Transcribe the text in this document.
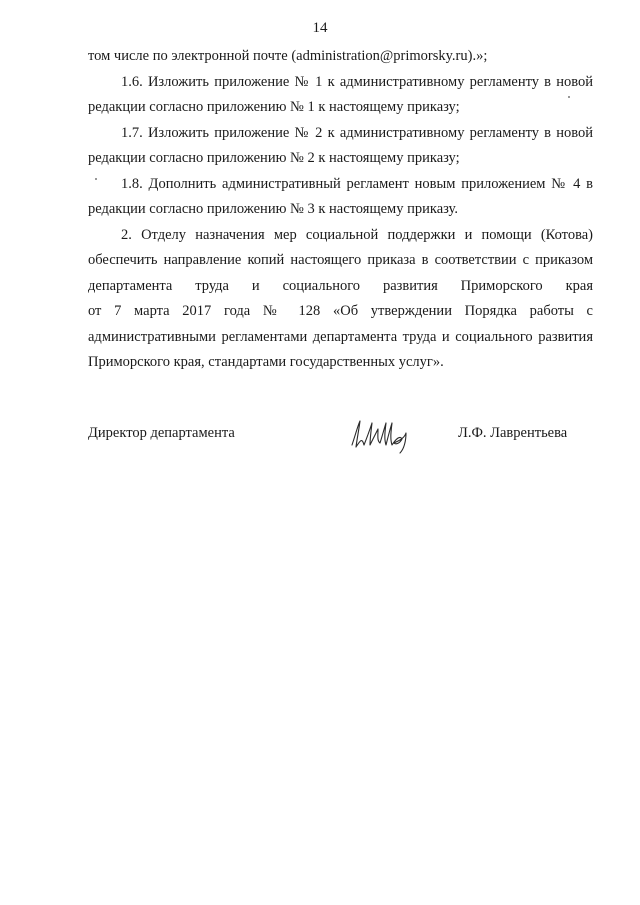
14
том числе по электронной почте (administration@primorsky.ru).»;
1.6. Изложить приложение № 1 к административному регламенту в новой
редакции согласно приложению № 1 к настоящему приказу;
1.7. Изложить приложение № 2 к административному регламенту в новой
редакции согласно приложению № 2 к настоящему приказу;
1.8. Дополнить административный регламент новым приложением № 4 в
редакции согласно приложению № 3 к настоящему приказу.
2. Отделу назначения мер социальной поддержки и помощи (Котова)
обеспечить направление копий настоящего приказа в соответствии с приказом
департамента труда и социального развития Приморского края
от 7 марта 2017 года № 128 «Об утверждении Порядка работы с
административными регламентами департамента труда и социального развития
Приморского края, стандартами государственных услуг».
Директор департамента	Л.Ф. Лаврентьева
